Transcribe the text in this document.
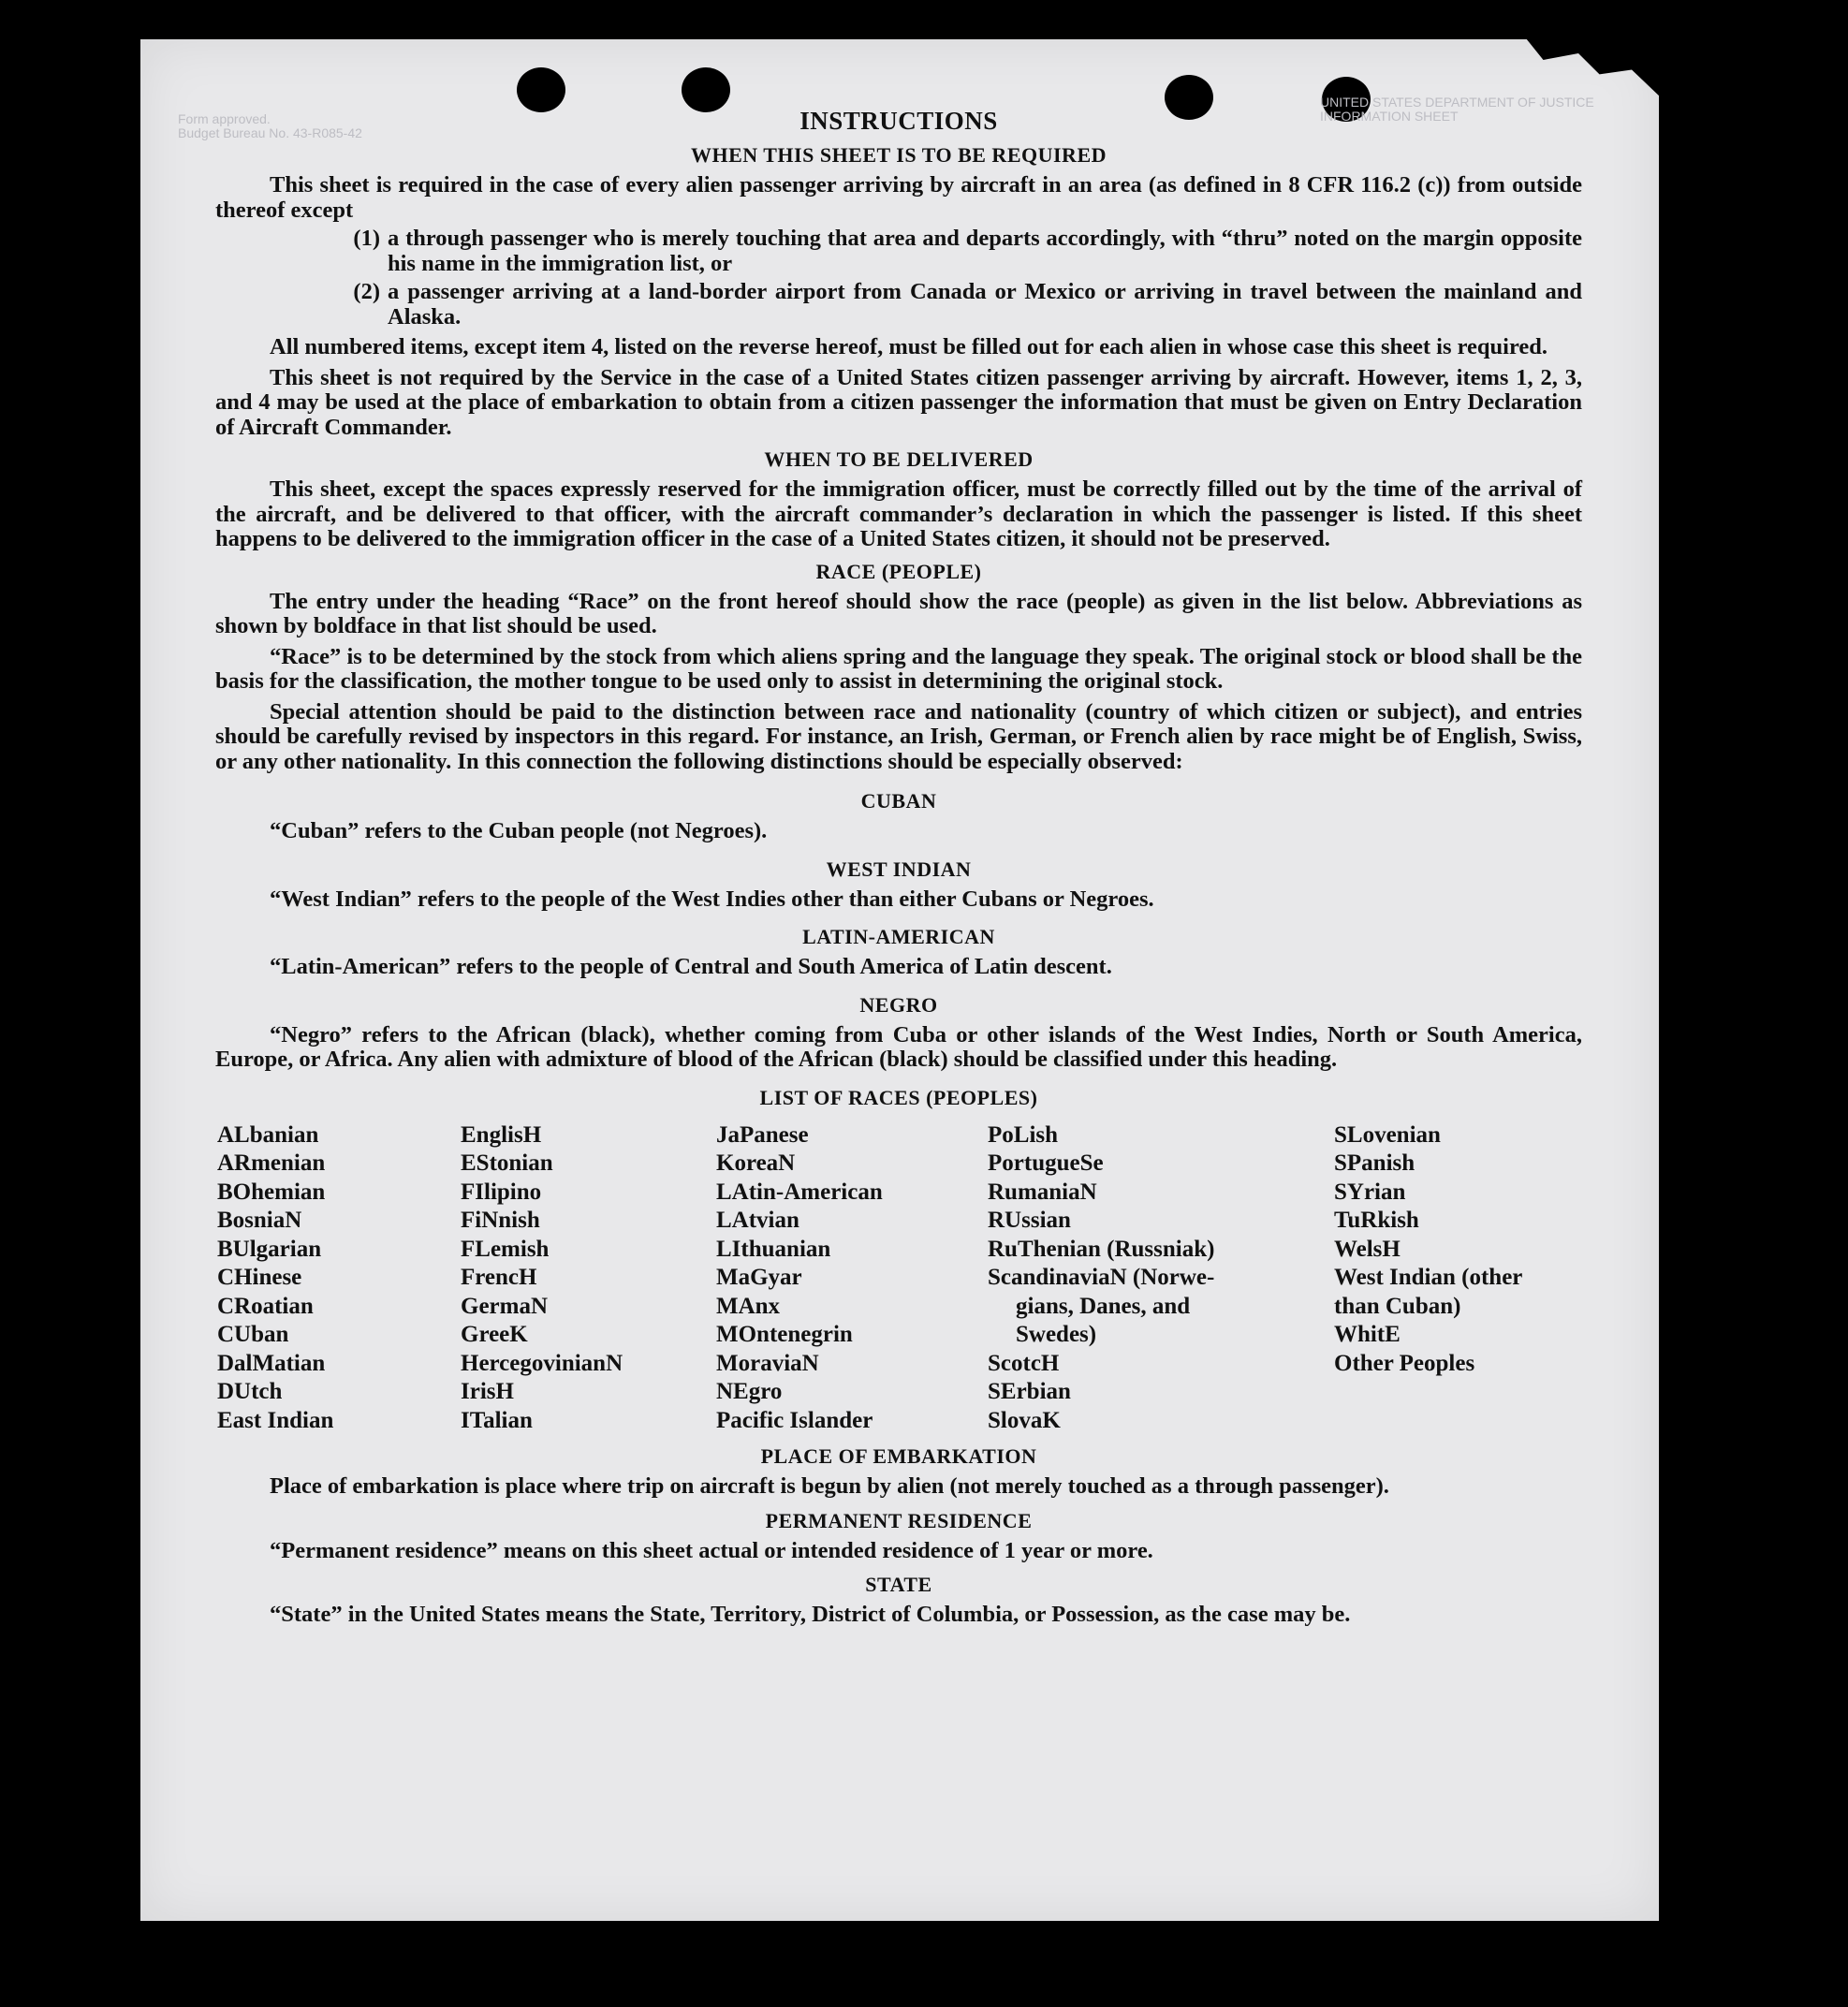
Form approved.
Budget Bureau No. 43-R085-42
UNITED STATES DEPARTMENT OF JUSTICE
INFORMATION SHEET
INSTRUCTIONS
WHEN THIS SHEET IS TO BE REQUIRED

This sheet is required in the case of every alien passenger arriving by aircraft in an area (as defined in 8 CFR 116.2 (c)) from outside thereof except

(1) a through passenger who is merely touching that area and departs accordingly, with “thru” noted on the margin opposite his name in the immigration list, or
(2) a passenger arriving at a land-border airport from Canada or Mexico or arriving in travel between the mainland and Alaska.

All numbered items, except item 4, listed on the reverse hereof, must be filled out for each alien in whose case this sheet is required.

This sheet is not required by the Service in the case of a United States citizen passenger arriving by aircraft. However, items 1, 2, 3, and 4 may be used at the place of embarkation to obtain from a citizen passenger the information that must be given on Entry Declaration of Aircraft Commander.

WHEN TO BE DELIVERED

This sheet, except the spaces expressly reserved for the immigration officer, must be correctly filled out by the time of the arrival of the aircraft, and be delivered to that officer, with the aircraft commander’s declaration in which the passenger is listed. If this sheet happens to be delivered to the immigration officer in the case of a United States citizen, it should not be preserved.

RACE (PEOPLE)

The entry under the heading “Race” on the front hereof should show the race (people) as given in the list below. Abbreviations as shown by boldface in that list should be used.

“Race” is to be determined by the stock from which aliens spring and the language they speak. The original stock or blood shall be the basis for the classification, the mother tongue to be used only to assist in determining the original stock.

Special attention should be paid to the distinction between race and nationality (country of which citizen or subject), and entries should be carefully revised by inspectors in this regard. For instance, an Irish, German, or French alien by race might be of English, Swiss, or any other nationality. In this connection the following distinctions should be especially observed:

CUBAN

“Cuban” refers to the Cuban people (not Negroes).

WEST INDIAN

“West Indian” refers to the people of the West Indies other than either Cubans or Negroes.

LATIN-AMERICAN

“Latin-American” refers to the people of Central and South America of Latin descent.

NEGRO

“Negro” refers to the African (black), whether coming from Cuba or other islands of the West Indies, North or South America, Europe, or Africa. Any alien with admixture of blood of the African (black) should be classified under this heading.

LIST OF RACES (PEOPLES)
ALbanian
ARmenian
BOhemian
BosniaN
BUlgarian
CHinese
CRoatian
CUban
DalMatian
DUtch
East Indian
EnglisH
EStonian
FIlipino
FiNnish
FLemish
FrencH
GermaN
GreeK
HercegovinianN
IrisH
ITalian
JaPanese
KoreaN
LAtin-American
LAtvian
LIthuanian
MaGyar
MAnx
MOntenegrin
MoraviaN
NEgro
Pacific Islander
PoLish
PortugueSe
RumaniaN
RUssian
RuThenian (Russniak)
ScandinaviaN (Norwe-
gians, Danes, and
Swedes)
ScotcH
SErbian
SlovaK
SLovenian
SPanish
SYrian
TuRkish
WelsH
West Indian (other
than Cuban)
WhitE
Other Peoples
PLACE OF EMBARKATION

Place of embarkation is place where trip on aircraft is begun by alien (not merely touched as a through passenger).

PERMANENT RESIDENCE

“Permanent residence” means on this sheet actual or intended residence of 1 year or more.

STATE

“State” in the United States means the State, Territory, District of Columbia, or Possession, as the case may be.
